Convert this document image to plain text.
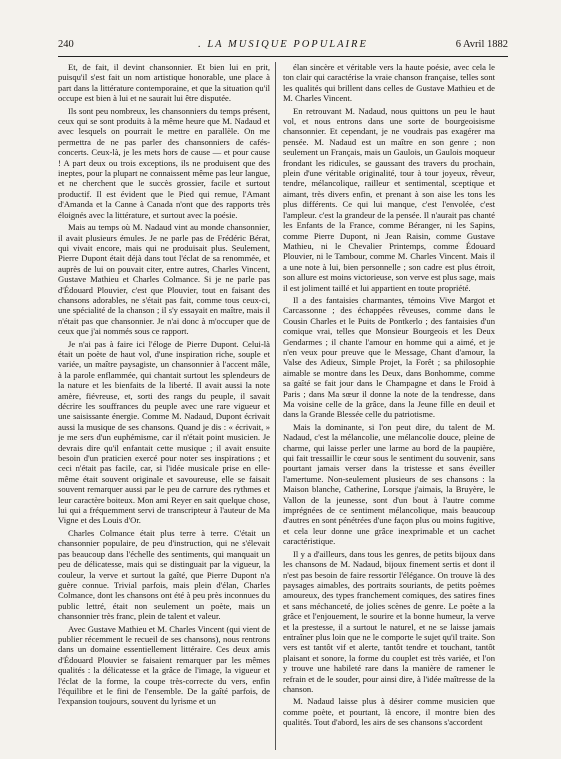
240	. LA MUSIQUE POPULAIRE	6 Avril 1882

Et, de fait, il devint chansonnier. Et bien lui en prit, puisqu'il s'est fait un nom artistique honorable, une place à part dans la littérature contemporaine, et que la situation qu'il occupe est bien à lui et ne saurait lui être disputée.

Ils sont peu nombreux, les chansonniers du temps présent, ceux qui se sont produits à la même heure que M. Nadaud et avec lesquels on pourrait le mettre en parallèle. On me permettra de ne pas parler des chansonniers de cafés-concerts. Ceux-là, je les mets hors de cause — et pour cause ! A part deux ou trois exceptions, ils ne produisent que des ineptes, pour la plupart ne connaissent même pas leur langue, et ne cherchent que le succès grossier, facile et surtout productif. Il est évident que le Pied qui remue, l'Amant d'Amanda et la Canne à Canada n'ont que des rapports très éloignés avec la littérature, et surtout avec la poésie.

Mais au temps où M. Nadaud vint au monde chansonnier, il avait plusieurs émules. Je ne parle pas de Frédéric Bérat, qui vivait encore, mais qui ne produisait plus. Seulement, Pierre Dupont était déjà dans tout l'éclat de sa renommée, et auprès de lui on pouvait citer, entre autres, Charles Vincent, Gustave Mathieu et Charles Colmance. Si je ne parle pas d'Édouard Plouvier, c'est que Plouvier, tout en faisant des chansons adorables, ne s'était pas fait, comme tous ceux-ci, une spécialité de la chanson ; il s'y essayait en maître, mais il n'était pas que chansonnier. Je n'ai donc à m'occuper que de ceux que j'ai nommés sous ce rapport.

Je n'ai pas à faire ici l'éloge de Pierre Dupont. Celui-là était un poète de haut vol, d'une inspiration riche, souple et variée, un maître paysagiste, un chansonnier à l'accent mâle, à la parole enflammée, qui chantait surtout les splendeurs de la nature et les bienfaits de la liberté. Il avait aussi la note amère, fiévreuse, et, sorti des rangs du peuple, il savait décrire les souffrances du peuple avec une rare vigueur et une saisissante énergie. Comme M. Nadaud, Dupont écrivait aussi la musique de ses chansons. Quand je dis : « écrivait, » je me sers d'un euphémisme, car il n'était point musicien. Je devrais dire qu'il enfantait cette musique ; il avait ensuite besoin d'un praticien exercé pour noter ses inspirations ; et ceci n'était pas facile, car, si l'idée musicale prise en elle-même était souvent originale et savoureuse, elle se faisait souvent remarquer aussi par le peu de carrure des rythmes et leur caractère boiteux. Mon ami Reyer en sait quelque chose, lui qui a fréquemment servi de transcripteur à l'auteur de Ma Vigne et des Louis d'Or.

Charles Colmance était plus terre à terre. C'était un chansonnier populaire, de peu d'instruction, qui ne s'élevait pas beaucoup dans l'échelle des sentiments, qui manquait un peu de délicatesse, mais qui se distinguait par la vigueur, la couleur, la verve et surtout la gaîté, que Pierre Dupont n'a guère connue. Trivial parfois, mais plein d'élan, Charles Colmance, dont les chansons ont été à peu près inconnues du public lettré, était non seulement un poète, mais un chansonnier très franc, plein de talent et valeur.

Avec Gustave Mathieu et M. Charles Vincent (qui vient de publier récemment le recueil de ses chansons), nous rentrons dans un domaine essentiellement littéraire. Ces deux amis d'Édouard Plouvier se faisaient remarquer par les mêmes qualités : la délicatesse et la grâce de l'image, la vigueur et l'éclat de la forme, la coupe très-correcte du vers, enfin l'équilibre et le fini de l'ensemble. De la gaîté parfois, de l'expansion toujours, souvent du lyrisme et un

élan sincère et véritable vers la haute poésie, avec cela le ton clair qui caractérise la vraie chanson française, telles sont les qualités qui brillent dans celles de Gustave Mathieu et de M. Charles Vincent.

En retrouvant M. Nadaud, nous quittons un peu le haut vol, et nous entrons dans une sorte de bourgeoisisme chansonnier. Et cependant, je ne voudrais pas exagérer ma pensée. M. Nadaud est un maître en son genre ; non seulement un Français, mais un Gaulois, un Gaulois moqueur frondant les ridicules, se gaussant des travers du prochain, plein d'une véritable originalité, tour à tour joyeux, rêveur, tendre, mélancolique, railleur et sentimental, sceptique et aimant, très divers enfin, et prenant à son aise les tons les plus différents. Ce qui lui manque, c'est l'envolée, c'est l'ampleur. c'est la grandeur de la pensée. Il n'aurait pas chanté les Enfants de la France, comme Béranger, ni les Sapins, comme Pierre Dupont, ni Jean Raisin, comme Gustave Mathieu, ni le Chevalier Printemps, comme Édouard Plouvier, ni le Tambour, comme M. Charles Vincent. Mais il a une note à lui, bien personnelle ; son cadre est plus étroit, son allure est moins victorieuse, son verve est plus sage, mais il est joliment taillé et lui appartient en toute propriété.

Il a des fantaisies charmantes, témoins Vive Margot et Carcassonne ; des échappées rêveuses, comme dans le Cousin Charles et le Puits de Pontkerlo ; des fantaisies d'un comique vrai, telles que Monsieur Bourgeois et les Deux Gendarmes ; il chante l'amour en homme qui a aimé, et je n'en veux pour preuve que le Message, Chant d'amour, la Valse des Adieux, Simple Projet, la Forêt ; sa philosophie aimable se montre dans les Deux, dans Bonhomme, comme sa gaîté se fait jour dans le Champagne et dans le Froid à Paris ; dans Ma sœur il donne la note de la tendresse, dans Ma voisine celle de la grâce, dans la Jeune fille en deuil et dans la Grande Blessée celle du patriotisme.

Mais la dominante, si l'on peut dire, du talent de M. Nadaud, c'est la mélancolie, une mélancolie douce, pleine de charme, qui laisse perler une larme au bord de la paupière, qui fait tressaillir le cœur sous le sentiment du souvenir, sans pourtant jamais verser dans la tristesse et sans éveiller l'amertume. Non-seulement plusieurs de ses chansons : la Maison blanche, Catherine, Lorsque j'aimais, la Bruyère, le Vallon de la jeunesse, sont d'un bout à l'autre comme imprégnées de ce sentiment mélancolique, mais beaucoup d'autres en sont pénétrées d'une façon plus ou moins fugitive, et cela leur donne une grâce inexprimable et un cachet caractéristique.

Il y a d'ailleurs, dans tous les genres, de petits bijoux dans les chansons de M. Nadaud, bijoux finement sertis et dont il n'est pas besoin de faire ressortir l'élégance. On trouve là des paysages aimables, des portraits souriants, de petits poèmes amoureux, des types franchement comiques, des satires fines et sans méchanceté, de jolies scènes de genre. Le poète a la grâce et l'enjouement, le sourire et la bonne humeur, la verve et la prestesse, il a surtout le naturel, et ne se laisse jamais entraîner plus loin que ne le comporte le sujet qu'il traite. Son vers est tantôt vif et alerte, tantôt tendre et touchant, tantôt plaisant et sonore, la forme du couplet est très variée, et l'on y trouve une habileté rare dans la manière de ramener le refrain et de le souder, pour ainsi dire, à l'idée maîtresse de la chanson.

M. Nadaud laisse plus à désirer comme musicien que comme poète, et pourtant, là encore, il montre bien des qualités. Tout d'abord, les airs de ses chansons s'accordent
